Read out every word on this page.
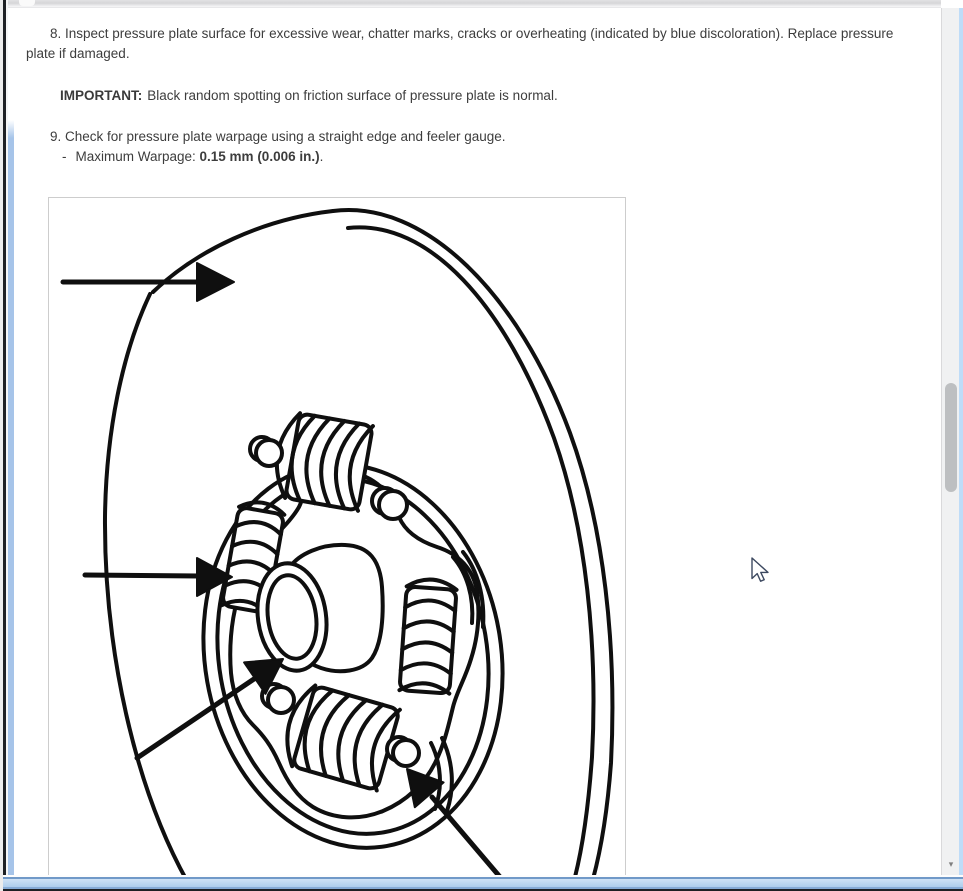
8. Inspect pressure plate surface for excessive wear, chatter marks, cracks or overheating (indicated by blue discoloration). Replace pressure plate if damaged.

IMPORTANT: Black random spotting on friction surface of pressure plate is normal.

9. Check for pressure plate warpage using a straight edge and feeler gauge.

- Maximum Warpage: 0.15 mm (0.006 in.).

▾
